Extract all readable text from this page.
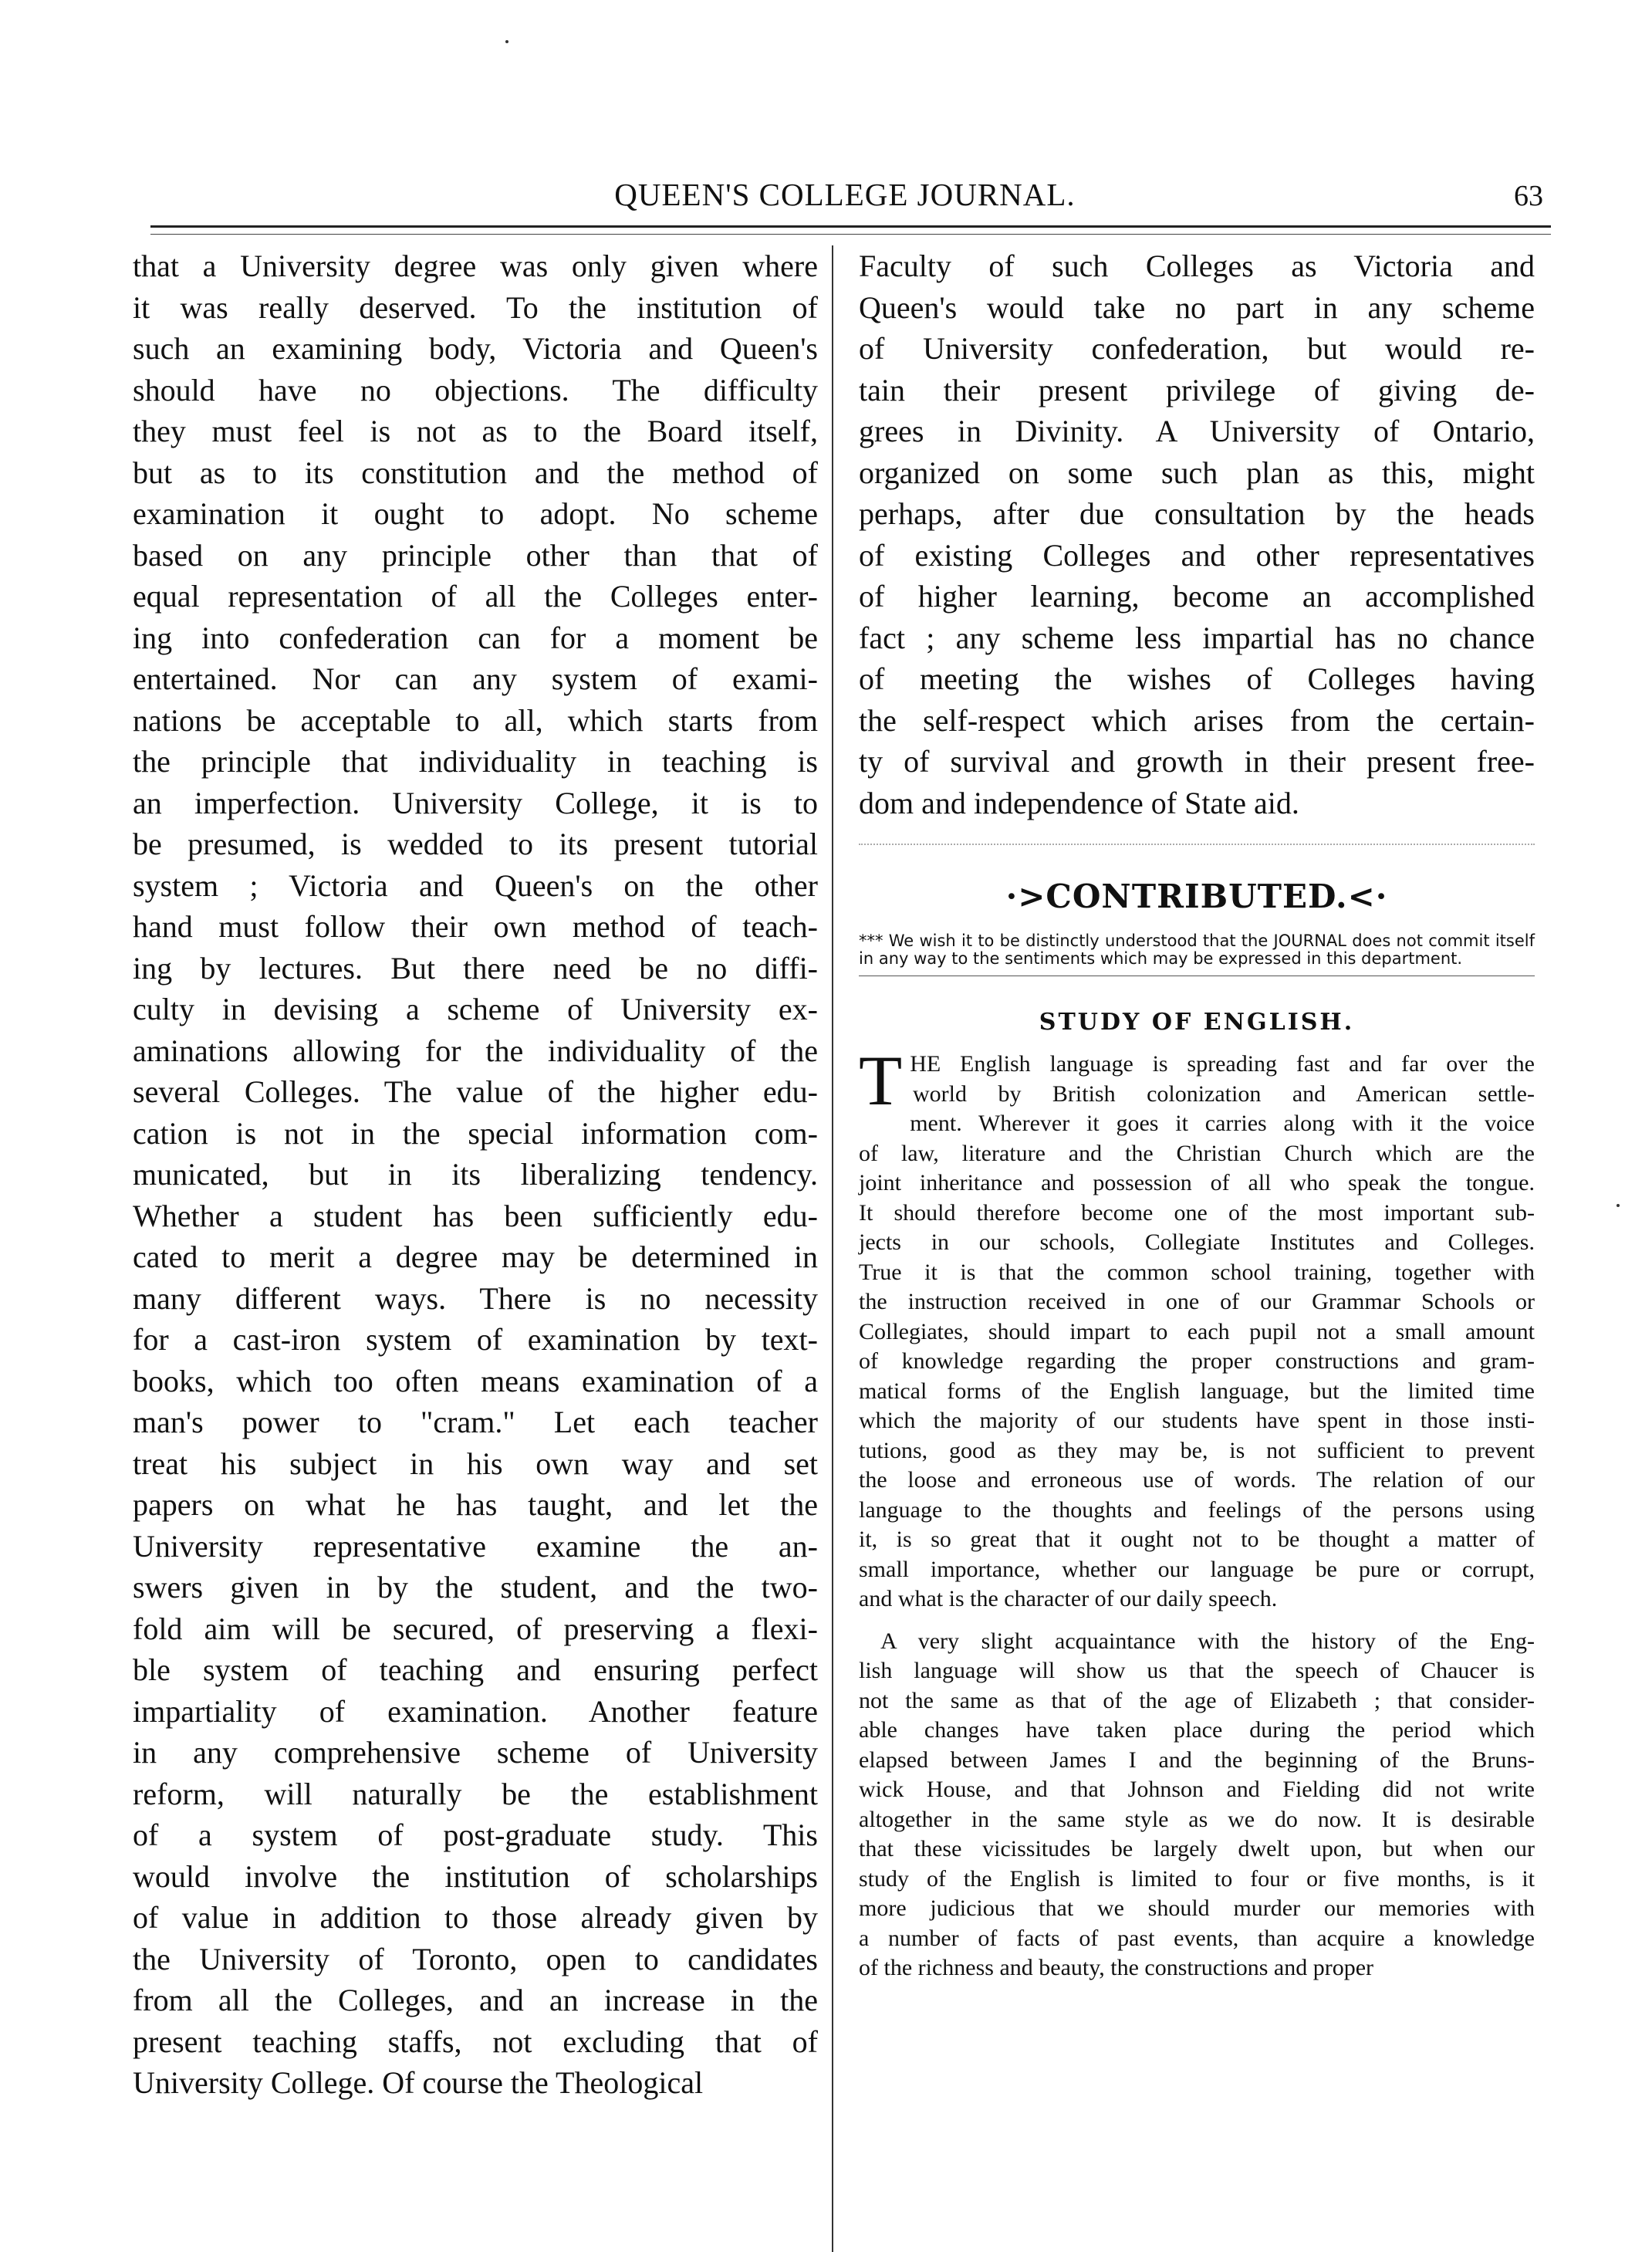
QUEEN'S COLLEGE JOURNAL.	63
that a University degree was only given where
it was really deserved. To the institution of
such an examining body, Victoria and Queen's
should have no objections. The difficulty
they must feel is not as to the Board itself,
but as to its constitution and the method of
examination it ought to adopt. No scheme
based on any principle other than that of
equal representation of all the Colleges enter-
ing into confederation can for a moment be
entertained. Nor can any system of exami-
nations be acceptable to all, which starts from
the principle that individuality in teaching is
an imperfection. University College, it is to
be presumed, is wedded to its present tutorial
system ; Victoria and Queen's on the other
hand must follow their own method of teach-
ing by lectures. But there need be no diffi-
culty in devising a scheme of University ex-
aminations allowing for the individuality of the
several Colleges. The value of the higher edu-
cation is not in the special information com-
municated, but in its liberalizing tendency.
Whether a student has been sufficiently edu-
cated to merit a degree may be determined in
many different ways. There is no necessity
for a cast-iron system of examination by text-
books, which too often means examination of a
man's power to "cram." Let each teacher
treat his subject in his own way and set
papers on what he has taught, and let the
University representative examine the an-
swers given in by the student, and the two-
fold aim will be secured, of preserving a flexi-
ble system of teaching and ensuring perfect
impartiality of examination. Another feature
in any comprehensive scheme of University
reform, will naturally be the establishment
of a system of post-graduate study. This
would involve the institution of scholarships
of value in addition to those already given by
the University of Toronto, open to candidates
from all the Colleges, and an increase in the
present teaching staffs, not excluding that of
University College. Of course the Theological
Faculty of such Colleges as Victoria and
Queen's would take no part in any scheme
of University confederation, but would re-
tain their present privilege of giving de-
grees in Divinity. A University of Ontario,
organized on some such plan as this, might
perhaps, after due consultation by the heads
of existing Colleges and other representatives
of higher learning, become an accomplished
fact ; any scheme less impartial has no chance
of meeting the wishes of Colleges having
the self-respect which arises from the certain-
ty of survival and growth in their present free-
dom and independence of State aid.
·>CONTRIBUTED.<·
*** We wish it to be distinctly understood that the JOURNAL does not commit itself in any way to the sentiments which may be expressed in this department.
STUDY OF ENGLISH.
T HE English language is spreading fast and far over the
world by British colonization and American settle-
ment. Wherever it goes it carries along with it the voice
of law, literature and the Christian Church which are the
joint inheritance and possession of all who speak the tongue.
It should therefore become one of the most important sub-
jects in our schools, Collegiate Institutes and Colleges.
True it is that the common school training, together with
the instruction received in one of our Grammar Schools or
Collegiates, should impart to each pupil not a small amount
of knowledge regarding the proper constructions and gram-
matical forms of the English language, but the limited time
which the majority of our students have spent in those insti-
tutions, good as they may be, is not sufficient to prevent
the loose and erroneous use of words. The relation of our
language to the thoughts and feelings of the persons using
it, is so great that it ought not to be thought a matter of
small importance, whether our language be pure or corrupt,
and what is the character of our daily speech.
A very slight acquaintance with the history of the Eng-
lish language will show us that the speech of Chaucer is
not the same as that of the age of Elizabeth ; that consider-
able changes have taken place during the period which
elapsed between James I and the beginning of the Bruns-
wick House, and that Johnson and Fielding did not write
altogether in the same style as we do now. It is desirable
that these vicissitudes be largely dwelt upon, but when our
study of the English is limited to four or five months, is it
more judicious that we should murder our memories with
a number of facts of past events, than acquire a knowledge
of the richness and beauty, the constructions and proper
